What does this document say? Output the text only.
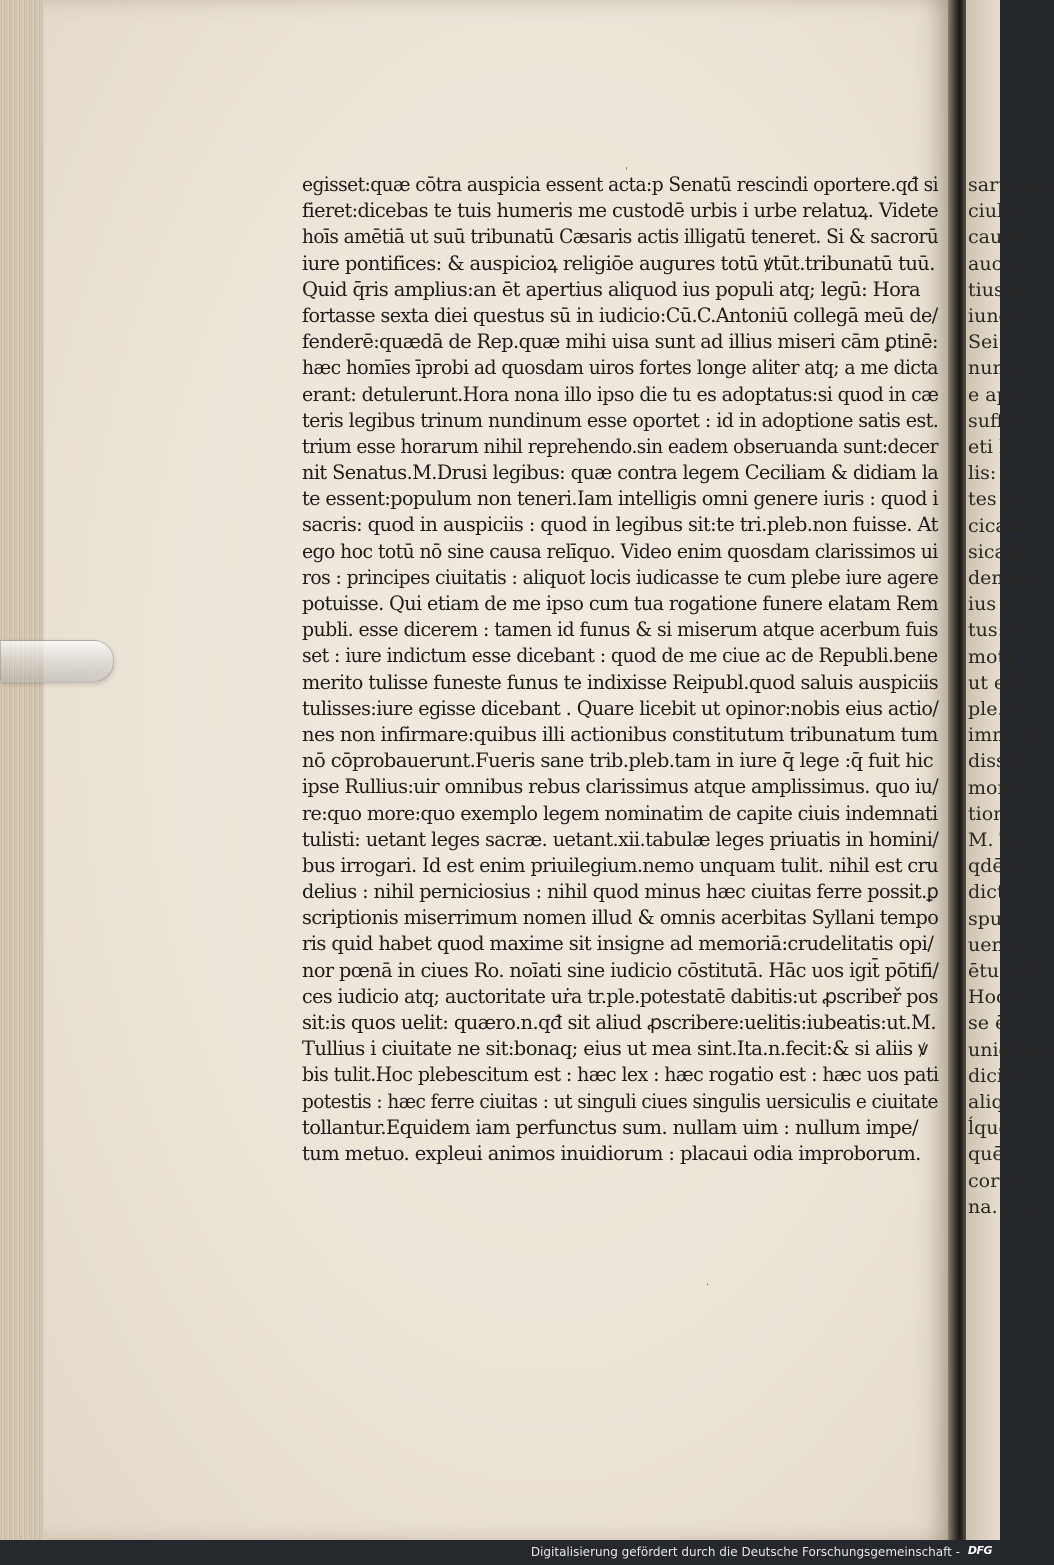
ˌ
·
sarubatu
ciub;a
caueit
auctor
tius ia
iunga
Sei in
nundi
e apo
suffrag
eti ho
lis: e
tes fa
cicatus
sicatio
deme p
ius d
tus: &
mota
ut eas
ple. lic
immine
dissidi
monui
tionē
M. Tu
qdē ci
dictū
spurci
uenia:
ētu ferr
Hoc tu
se ēe c
uniqdem
dicitu
aliqui
ĺquo
quē
corum
na. pcsp
egisset:quæ cōtra auspicia essent acta:p Senatū rescindi oportere.qđ si
fieret:dicebas te tuis humeris me custodē urbis i urbe relatuꝝ. Videte
hoīs amētiā ut suū tribunatū Cæsaris actis illigatū teneret. Si & sacrorū
iure pontifices: & auspicioꝝ religiōe augures totū ꝟtūt.tribunatū tuū.
Quid q̄ris amplius:an ēt apertius aliquod ius populi atq; legū: Hora
fortasse sexta diei questus sū in iudicio:Cū.C.Antoniū collegā meū de/
fenderē:quædā de Rep.quæ mihi uisa sunt ad illius miseri cām ꝑtinē:
hæc homīes īprobi ad quosdam uiros fortes longe aliter atq; a me dicta
erant: detulerunt.Hora nona illo ipso die tu es adoptatus:si quod in cæ
teris legibus trinum nundinum esse oportet : id in adoptione satis est.
trium esse horarum nihil reprehendo.sin eadem obseruanda sunt:decer
nit Senatus.M.Drusi legibus: quæ contra legem Ceciliam & didiam la
te essent:populum non teneri.Iam intelligis omni genere iuris : quod i
sacris: quod in auspiciis : quod in legibus sit:te tri.pleb.non fuisse. At
ego hoc totū nō sine causa relīquo. Video enim quosdam clarissimos ui
ros : principes ciuitatis : aliquot locis iudicasse te cum plebe iure agere
potuisse. Qui etiam de me ipso cum tua rogatione funere elatam Rem
publi. esse dicerem : tamen id funus & si miserum atque acerbum fuis
set : iure indictum esse dicebant : quod de me ciue ac de Republi.bene
merito tulisse funeste funus te indixisse Reipubl.quod saluis auspiciis
tulisses:iure egisse dicebant . Quare licebit ut opinor:nobis eius actio/
nes non infirmare:quibus illi actionibus constitutum tribunatum tum
nō cōprobauerunt.Fueris sane trib.pleb.tam in iure q̄ lege :q̄ fuit hic
ipse Rullius:uir omnibus rebus clarissimus atque amplissimus. quo iu/
re:quo more:quo exemplo legem nominatim de capite ciuis indemnati
tulisti: uetant leges sacræ. uetant.xii.tabulæ leges priuatis in homini/
bus irrogari. Id est enim priuilegium.nemo unquam tulit. nihil est cru
delius : nihil perniciosius : nihil quod minus hæc ciuitas ferre possit.ꝑ
scriptionis miserrimum nomen illud & omnis acerbitas Syllani tempo
ris quid habet quod maxime sit insigne ad memoriā:crudelitatis opi/
nor pœnā in ciues Ro. noīati sine iudicio cōstitutā. Hāc uos igit̄ pōtifi/
ces iudicio atq; auctoritate uṙa tr.ple.potestatē dabitis:ut ꝓscribeř pos
sit:is quos uelit: quæro.n.qđ sit aliud ꝓscribere:uelitis:iubeatis:ut.M.
Tullius i ciuitate ne sit:bonaq; eius ut mea sint.Ita.n.fecit:& si aliis ꝟ
bis tulit.Hoc plebescitum est : hæc lex : hæc rogatio est : hæc uos pati
potestis : hæc ferre ciuitas : ut singuli ciues singulis uersiculis e ciuitate
tollantur.Equidem iam perfunctus sum. nullam uim : nullum impe/
tum metuo. expleui animos inuidiorum : placaui odia improborum.
Digitalisierung gefördert durch die Deutsche Forschungsgemeinschaft - DFG
